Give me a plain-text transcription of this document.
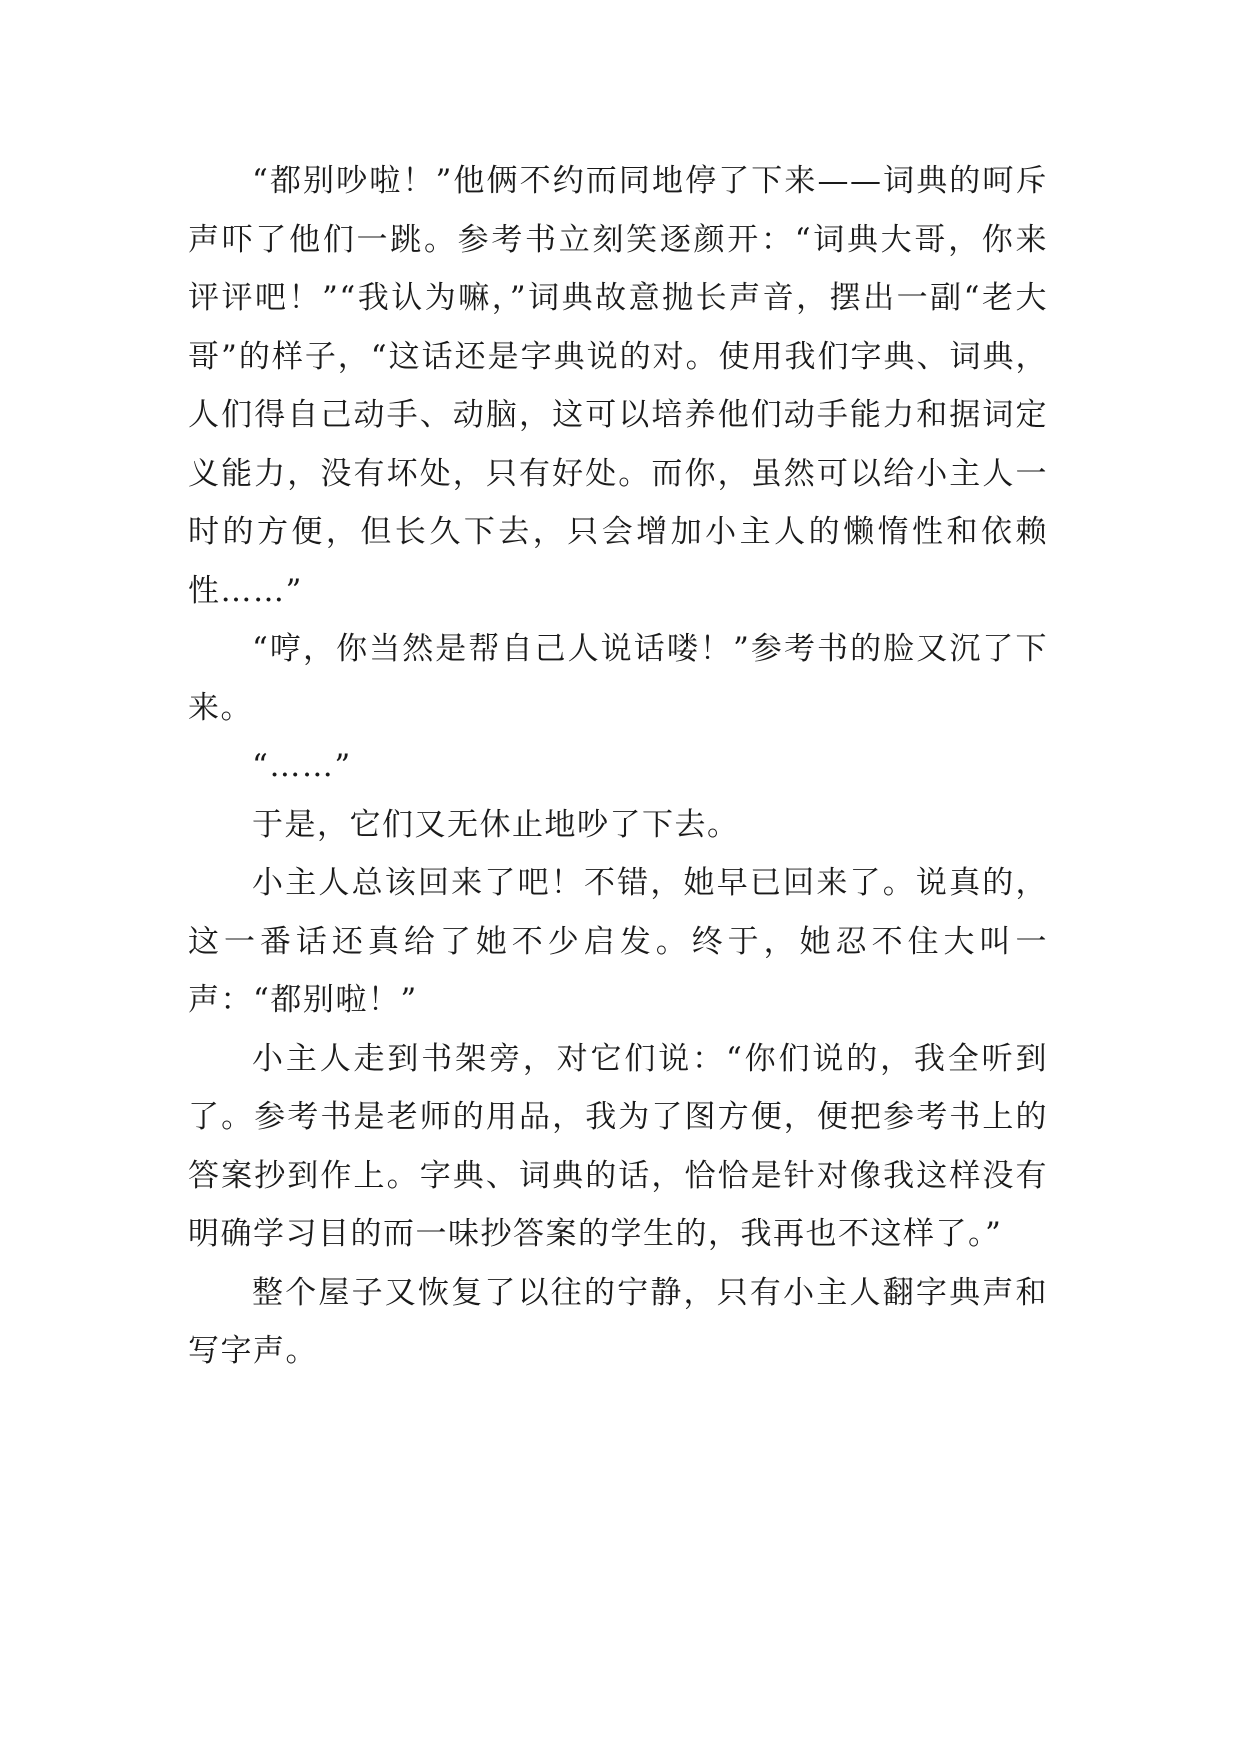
“都别吵啦！”他俩不约而同地停了下来——词典的呵斥声吓了他们一跳。参考书立刻笑逐颜开：“词典大哥，你来评评吧！”“我认为嘛，”词典故意抛长声音，摆出一副“老大哥”的样子，“这话还是字典说的对。使用我们字典、词典，人们得自己动手、动脑，这可以培养他们动手能力和据词定义能力，没有坏处，只有好处。而你，虽然可以给小主人一时的方便，但长久下去，只会增加小主人的懒惰性和依赖性……”

“哼，你当然是帮自己人说话喽！”参考书的脸又沉了下来。

“……”

于是，它们又无休止地吵了下去。

小主人总该回来了吧！不错，她早已回来了。说真的，这一番话还真给了她不少启发。终于，她忍不住大叫一声：“都别啦！”

小主人走到书架旁，对它们说：“你们说的，我全听到了。参考书是老师的用品，我为了图方便，便把参考书上的答案抄到作上。字典、词典的话，恰恰是针对像我这样没有明确学习目的而一味抄答案的学生的，我再也不这样了。”

整个屋子又恢复了以往的宁静，只有小主人翻字典声和写字声。
